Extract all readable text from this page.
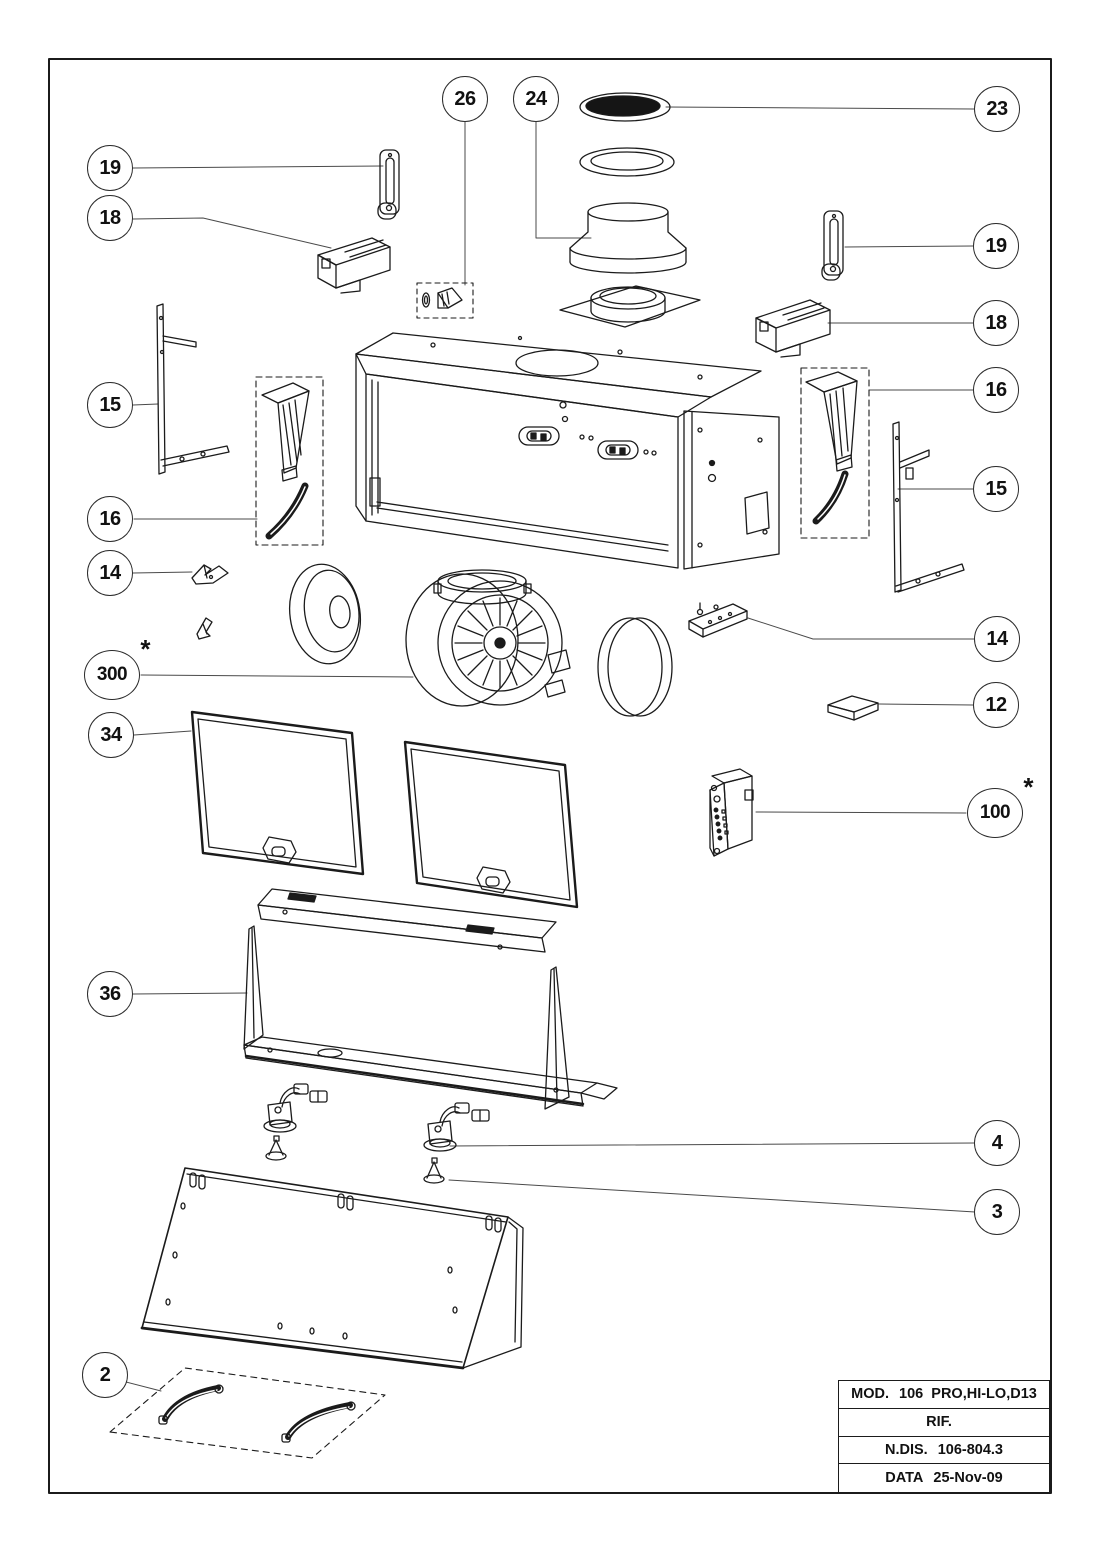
26 24	23
19
18
15
16
14
300
*
34
36
2
19
18
16
15
14
12
100
*
4
3
MOD. 106  PRO,HI-LO,D13
RIF.
N.DIS. 106-804.3
DATA 25-Nov-09
